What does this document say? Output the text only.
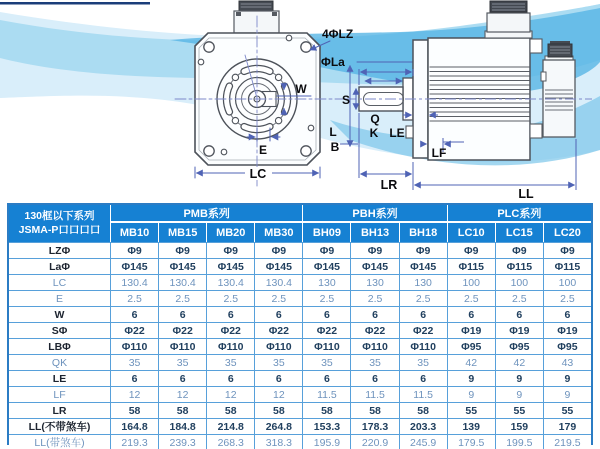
4ΦLZ
ΦLa
W
S
Q
K LE
L
B
E	LF
LC
LR
LL
130框以下系列
JSMA-P口口口口
PMB系列
MB10	MB15	MB20	MB30
PBH系列
BH09	BH13	BH18
PLC系列
LC10	LC15	LC20
LZΦ	Φ9	Φ9	Φ9	Φ9	Φ9	Φ9	Φ9	Φ9	Φ9	Φ9
LaΦ	Φ145	Φ145	Φ145	Φ145	Φ145	Φ145	Φ145	Φ115	Φ115	Φ115
LC	130.4	130.4	130.4	130.4	130	130	130	100	100	100
E	2.5	2.5	2.5	2.5	2.5	2.5	2.5	2.5	2.5	2.5
W	6	6	6	6	6	6	6	6	6	6
SΦ	Φ22	Φ22	Φ22	Φ22	Φ22	Φ22	Φ22	Φ19	Φ19	Φ19
LBΦ	Φ110	Φ110	Φ110	Φ110	Φ110	Φ110	Φ110	Φ95	Φ95	Φ95
QK	35	35	35	35	35	35	35	42	42	43
LE	6	6	6	6	6	6	6	9	9	9
LF	12	12	12	12	11.5	11.5	11.5	9	9	9
LR	58	58	58	58	58	58	58	55	55	55
LL(不带煞车)	164.8	184.8	214.8	264.8	153.3	178.3	203.3	139	159	179
LL(带煞车)	219.3	239.3	268.3	318.3	195.9	220.9	245.9	179.5	199.5	219.5
